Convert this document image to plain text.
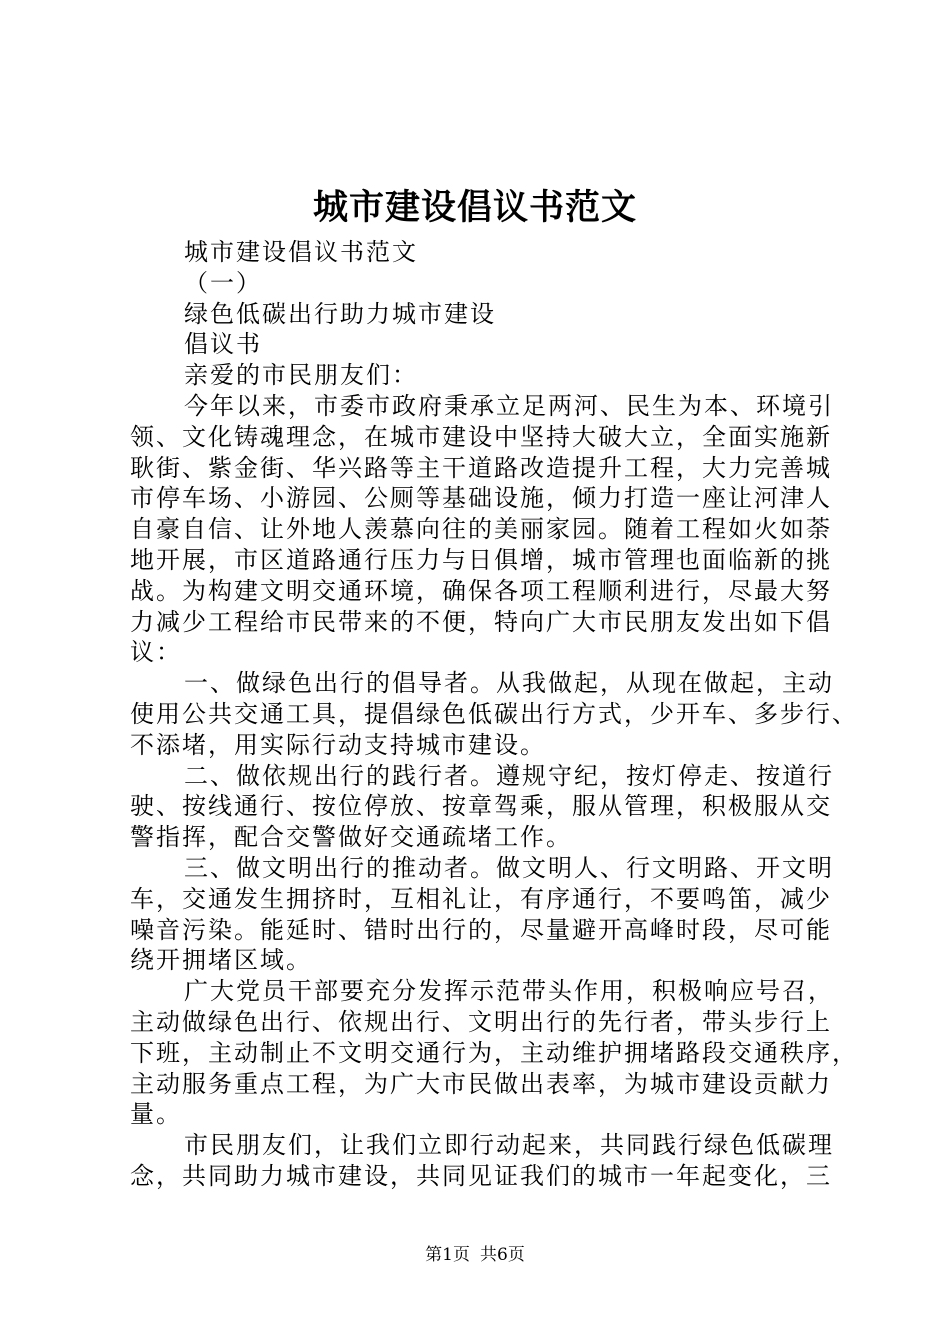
城市建设倡议书范文
城市建设倡议书范文
（一）
绿色低碳出行助力城市建设
倡议书
亲爱的市民朋友们：
今年以来，市委市政府秉承立足两河、民生为本、环境引
领、文化铸魂理念，在城市建设中坚持大破大立，全面实施新
耿街、紫金街、华兴路等主干道路改造提升工程，大力完善城
市停车场、小游园、公厕等基础设施，倾力打造一座让河津人
自豪自信、让外地人羡慕向往的美丽家园。随着工程如火如荼
地开展，市区道路通行压力与日俱增，城市管理也面临新的挑
战。为构建文明交通环境，确保各项工程顺利进行，尽最大努
力减少工程给市民带来的不便，特向广大市民朋友发出如下倡
议：
一、做绿色出行的倡导者。从我做起，从现在做起，主动
使用公共交通工具，提倡绿色低碳出行方式，少开车、多步行、
不添堵，用实际行动支持城市建设。
二、做依规出行的践行者。遵规守纪，按灯停走、按道行
驶、按线通行、按位停放、按章驾乘，服从管理，积极服从交
警指挥，配合交警做好交通疏堵工作。
三、做文明出行的推动者。做文明人、行文明路、开文明
车，交通发生拥挤时，互相礼让，有序通行，不要鸣笛，减少
噪音污染。能延时、错时出行的，尽量避开高峰时段，尽可能
绕开拥堵区域。
广大党员干部要充分发挥示范带头作用，积极响应号召，
主动做绿色出行、依规出行、文明出行的先行者，带头步行上
下班，主动制止不文明交通行为，主动维护拥堵路段交通秩序，
主动服务重点工程，为广大市民做出表率，为城市建设贡献力
量。
市民朋友们，让我们立即行动起来，共同践行绿色低碳理
念，共同助力城市建设，共同见证我们的城市一年起变化，三
第1页 共6页
